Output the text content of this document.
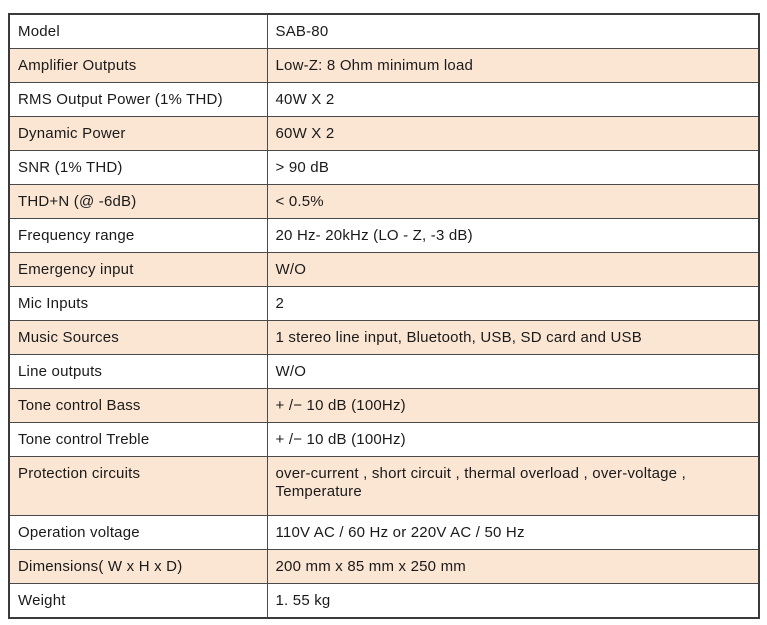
Model	SAB-80
Amplifier Outputs	Low-Z: 8 Ohm minimum load
RMS Output Power (1% THD)	40W X 2
Dynamic Power	60W X 2
SNR (1% THD)	> 90 dB
THD+N (@ -6dB)	< 0.5%
Frequency range	20 Hz- 20kHz (LO - Z, -3 dB)
Emergency input	W/O
Mic Inputs	2
Music Sources	1 stereo line input, Bluetooth, USB, SD card and USB
Line outputs	W/O
Tone control Bass	+ /− 10 dB (100Hz)
Tone control Treble	+ /− 10 dB (100Hz)
Protection circuits	over-current , short circuit , thermal overload , over-voltage , Temperature
Operation voltage	110V AC / 60 Hz or 220V AC / 50 Hz
Dimensions( W x H x D)	200 mm x 85 mm x 250 mm
Weight	1. 55 kg
